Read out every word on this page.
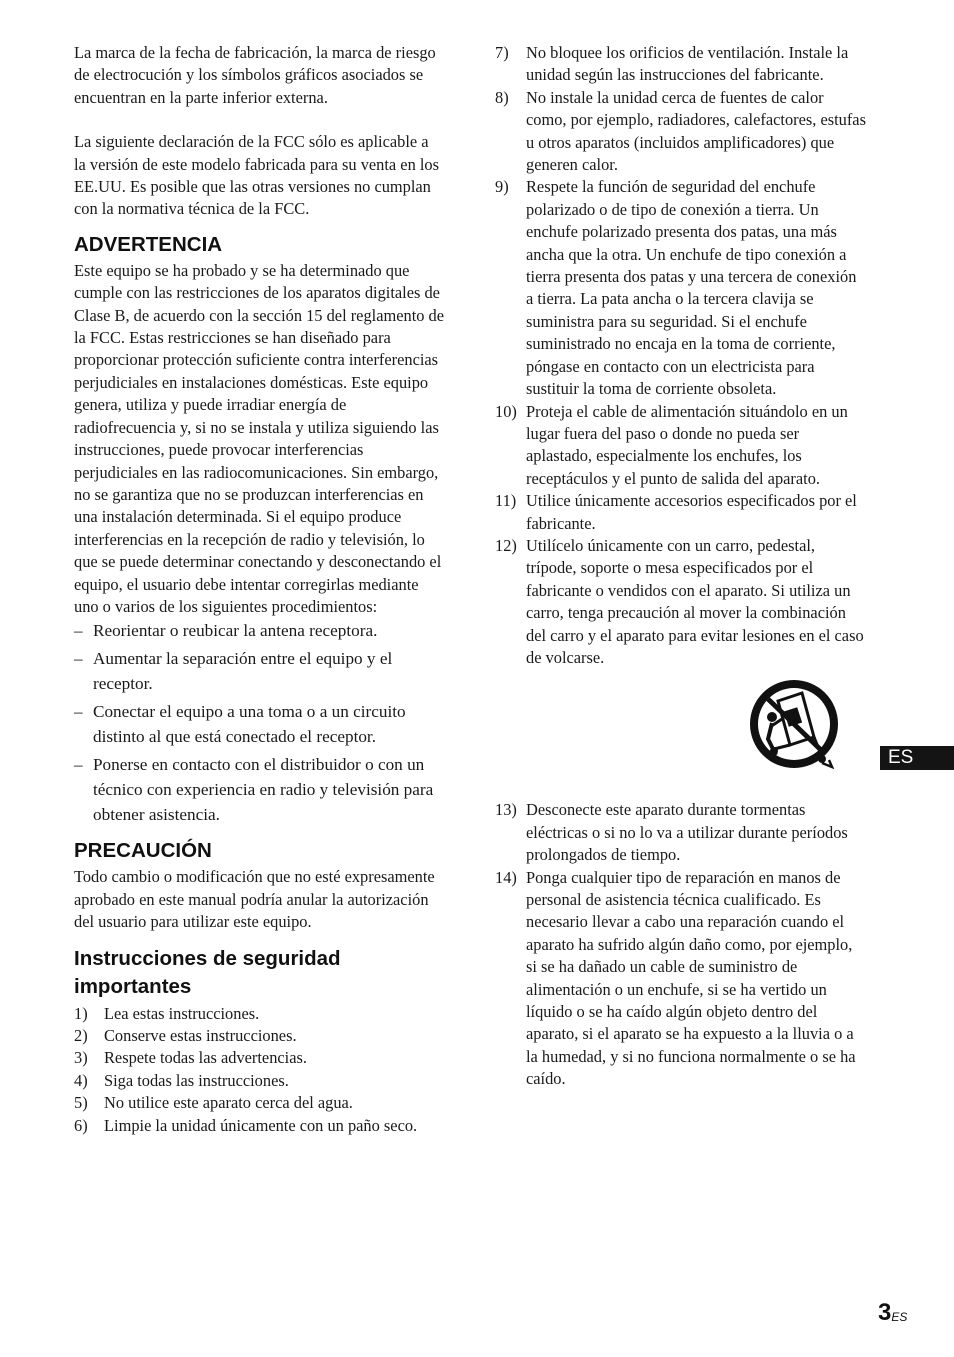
La marca de la fecha de fabricación, la marca de riesgo de electrocución y los símbolos gráficos asociados se encuentran en la parte inferior externa.

La siguiente declaración de la FCC sólo es aplicable a la versión de este modelo fabricada para su venta en los EE.UU. Es posible que las otras versiones no cumplan con la normativa técnica de la FCC.

ADVERTENCIA

Este equipo se ha probado y se ha determinado que cumple con las restricciones de los aparatos digitales de Clase B, de acuerdo con la sección 15 del reglamento de la FCC. Estas restricciones se han diseñado para proporcionar protección suficiente contra interferencias perjudiciales en instalaciones domésticas. Este equipo genera, utiliza y puede irradiar energía de radiofrecuencia y, si no se instala y utiliza siguiendo las instrucciones, puede provocar interferencias perjudiciales en las radiocomunicaciones. Sin embargo, no se garantiza que no se produzcan interferencias en una instalación determinada. Si el equipo produce interferencias en la recepción de radio y televisión, lo que se puede determinar conectando y desconectando el equipo, el usuario debe intentar corregirlas mediante uno o varios de los siguientes procedimientos:

– Reorientar o reubicar la antena receptora.
– Aumentar la separación entre el equipo y el receptor.
– Conectar el equipo a una toma o a un circuito distinto al que está conectado el receptor.
– Ponerse en contacto con el distribuidor o con un técnico con experiencia en radio y televisión para obtener asistencia.
PRECAUCIÓN

Todo cambio o modificación que no esté expresamente aprobado en este manual podría anular la autorización del usuario para utilizar este equipo.

Instrucciones de seguridad importantes
1) Lea estas instrucciones.
2) Conserve estas instrucciones.
3) Respete todas las advertencias.
4) Siga todas las instrucciones.
5) No utilice este aparato cerca del agua.
6) Limpie la unidad únicamente con un paño seco.
7) No bloquee los orificios de ventilación. Instale la unidad según las instrucciones del fabricante.
8) No instale la unidad cerca de fuentes de calor como, por ejemplo, radiadores, calefactores, estufas u otros aparatos (incluidos amplificadores) que generen calor.
9) Respete la función de seguridad del enchufe polarizado o de tipo de conexión a tierra. Un enchufe polarizado presenta dos patas, una más ancha que la otra. Un enchufe de tipo conexión a tierra presenta dos patas y una tercera de conexión a tierra. La pata ancha o la tercera clavija se suministra para su seguridad. Si el enchufe suministrado no encaja en la toma de corriente, póngase en contacto con un electricista para sustituir la toma de corriente obsoleta.
10) Proteja el cable de alimentación situándolo en un lugar fuera del paso o donde no pueda ser aplastado, especialmente los enchufes, los receptáculos y el punto de salida del aparato.
11) Utilice únicamente accesorios especificados por el fabricante.
12) Utilícelo únicamente con un carro, pedestal, trípode, soporte o mesa especificados por el fabricante o vendidos con el aparato. Si utiliza un carro, tenga precaución al mover la combinación del carro y el aparato para evitar lesiones en el caso de volcarse.
13) Desconecte este aparato durante tormentas eléctricas o si no lo va a utilizar durante períodos prolongados de tiempo.
14) Ponga cualquier tipo de reparación en manos de personal de asistencia técnica cualificado. Es necesario llevar a cabo una reparación cuando el aparato ha sufrido algún daño como, por ejemplo, si se ha dañado un cable de suministro de alimentación o un enchufe, si se ha vertido un líquido o se ha caído algún objeto dentro del aparato, si el aparato se ha expuesto a la lluvia o a la humedad, y si no funciona normalmente o se ha caído.
ES
$3^{ES}$
